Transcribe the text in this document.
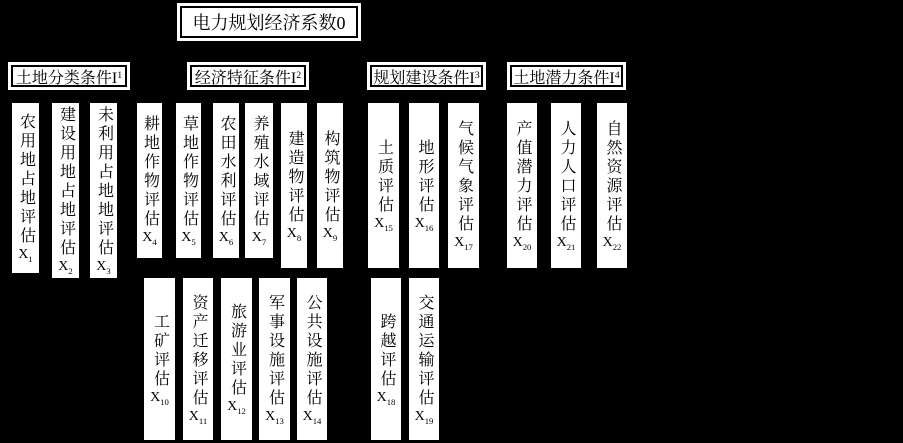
电力规划经济系数0
土地分类条件I 1	经济特征条件I 2	规划建设条件I 3 土地潜力条件I 4
农用地占地评估
$X_1$
建设用地占地评估
$X_2$
未利用占地地评估
$X_3$
耕地作物评估
$X_4$
草地作物评估
$X_5$
农田水利评估
$X_6$
养殖水域评估
$X_7$
建造物评估
$X_8$
构筑物评估
$X_9$
土质评估
$X_{15}$
地形评估
$X_{16}$ 气候气象评估
$X_{17}$
产值潜力评估
$X_{20}$
人力人口评估
$X_{21}$
自然资源评估
$X_{22}$
工矿评估
$X_{10}$ 资产迁移评估
$X_{11}$
旅游业评估
$X_{12}$
军事设施评估
$X_{13}$
公共设施评估
$X_{14}$
跨越评估
$X_{18}$ 交通运输评估
$X_{19}$
